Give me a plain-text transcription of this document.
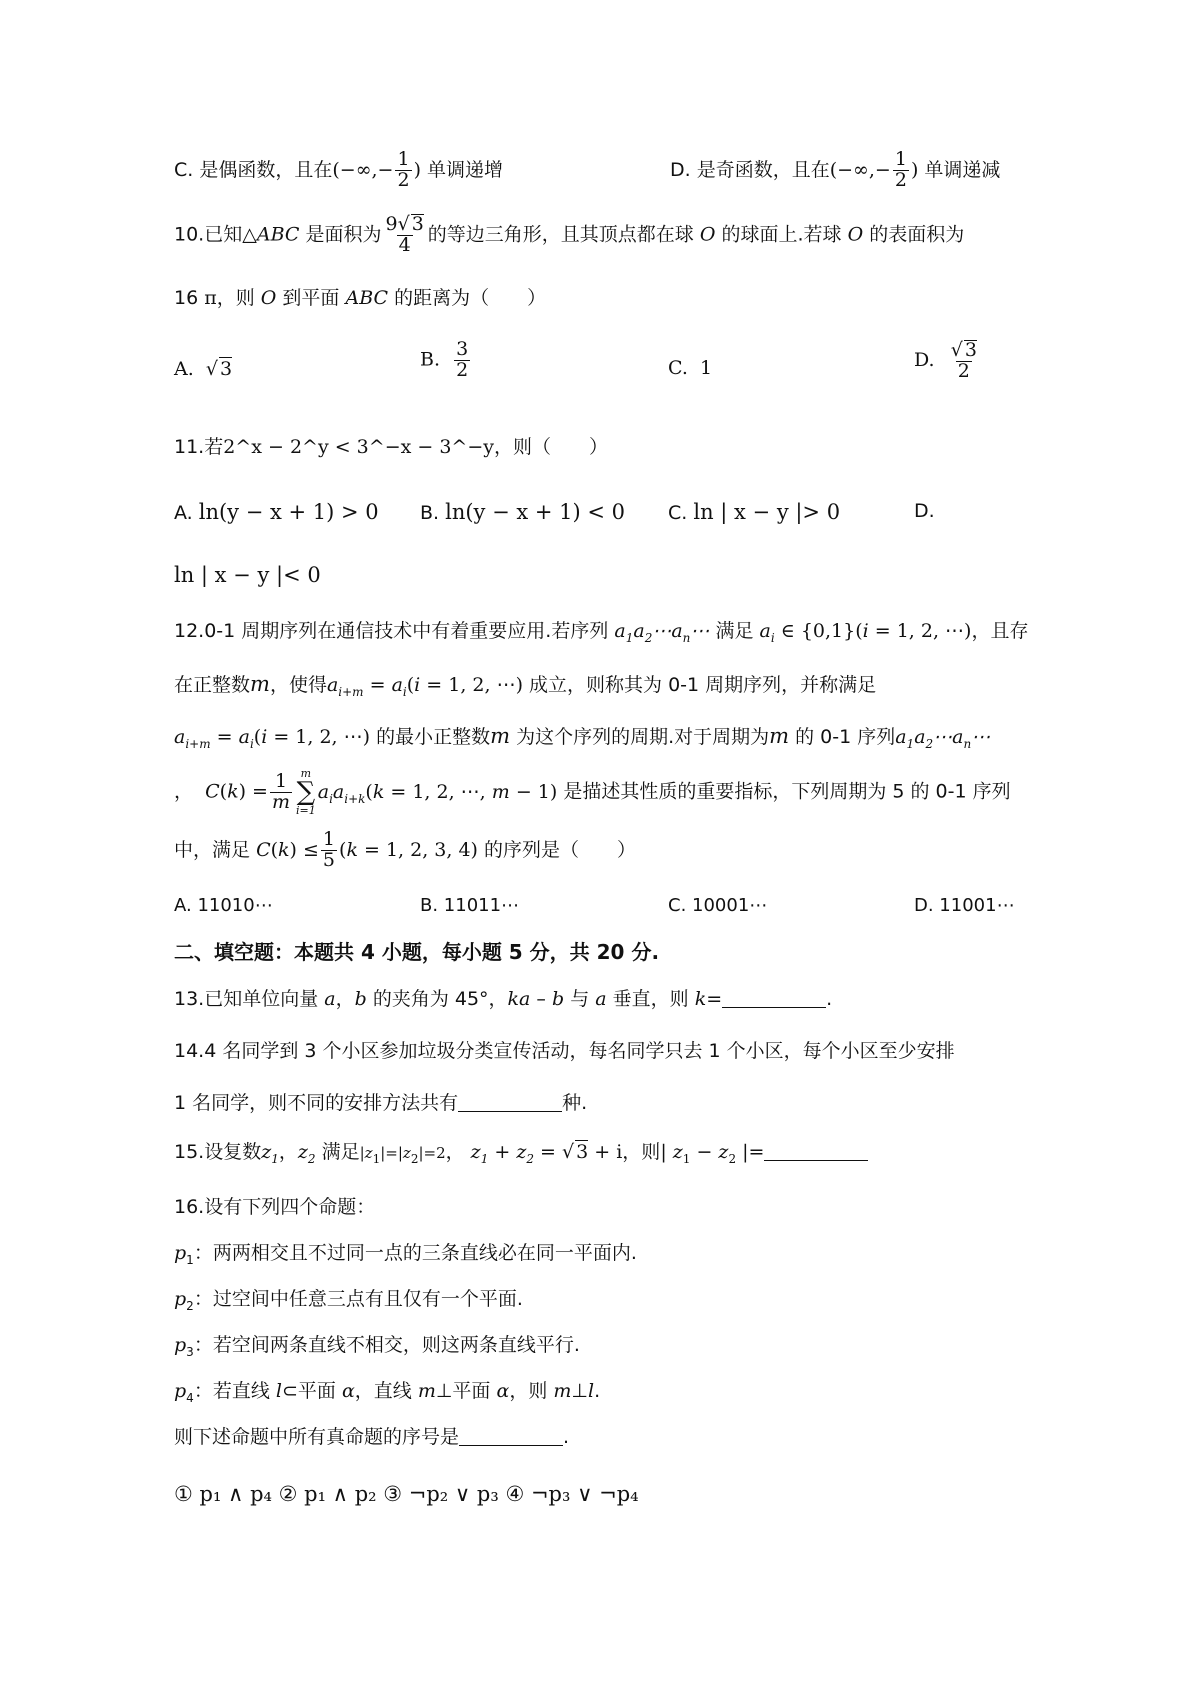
C. 是偶函数，且在(−∞,− $\frac{1}{2}$ ) 单调递增	D. 是奇函数，且在(−∞,− $\frac{1}{2}$ ) 单调递减
10.已知△ABC 是面积为 $\frac{9√ 3}{4}$ 的等边三角形，且其顶点都在球 O 的球面上.若球 O 的表面积为
16 π，则 O 到平面 ABC 的距离为（　　）
A.  √ 3	B. $\frac{3}{2}$	C. 1	D. $\frac{√ 3}{2}$
11.若2^x − 2^y < 3^−x − 3^−y，则（　　）
A. ln(y − x + 1) > 0 B. ln(y − x + 1) < 0 C. ln | x − y |> 0	D.
ln | x − y |< 0
12.0-1 周期序列在通信技术中有着重要应用.若序列 $a_1a_2\cdots a_n\cdots$ 满足 $a_i$ ∈ {0,1}(i = 1, 2, ⋯)，且存
在正整数m，使得$a_{i+m} = a_i(i = 1$, 2, ⋯) 成立，则称其为 0-1 周期序列，并称满足
$a_{i+m} = a_i(i = 1$, 2, ⋯) 的最小正整数m 为这个序列的周期.对于周期为m 的 0-1 序列$a_1a_2\cdots a_n\cdots$
， $C(k) = \frac{1}{m}$ m
∑
i=1
$a_ia_{i+k}(k = 1$, 2, ⋯, m − 1) 是描述其性质的重要指标，下列周期为 5 的 0-1 序列
中，满足 $C(k) \le \frac{1}{5} (k = 1$, 2, 3, 4) 的序列是（　　）
A. 11010⋯	B. 11011⋯	C. 10001⋯	D. 11001⋯
二、填空题：本题共 4 小题，每小题 5 分，共 20 分.
13.已知单位向量 a，b 的夹角为 45°，ka – b 与 a 垂直，则 k=	.
14.4 名同学到 3 个小区参加垃圾分类宣传活动，每名同学只去 1 个小区，每个小区至少安排
1 名同学，则不同的安排方法共有	种.
15.设复数$z_1$，$z_2$ 满足$|z_1|=|z_2|=2$， $z_1 + z_2$ = √ 3 + i，则| $z_1 - z_2$ |=
16.设有下列四个命题：
$p_1$：两两相交且不过同一点的三条直线必在同一平面内.
$p_2$：过空间中任意三点有且仅有一个平面.
$p_3$：若空间两条直线不相交，则这两条直线平行.
$p_4$：若直线 l⊂平面 α，直线 m⊥平面 α，则 m⊥l.
则下述命题中所有真命题的序号是	.
① p₁ ∧ p₄ ② p₁ ∧ p₂ ③ ¬p₂ ∨ p₃ ④ ¬p₃ ∨ ¬p₄
